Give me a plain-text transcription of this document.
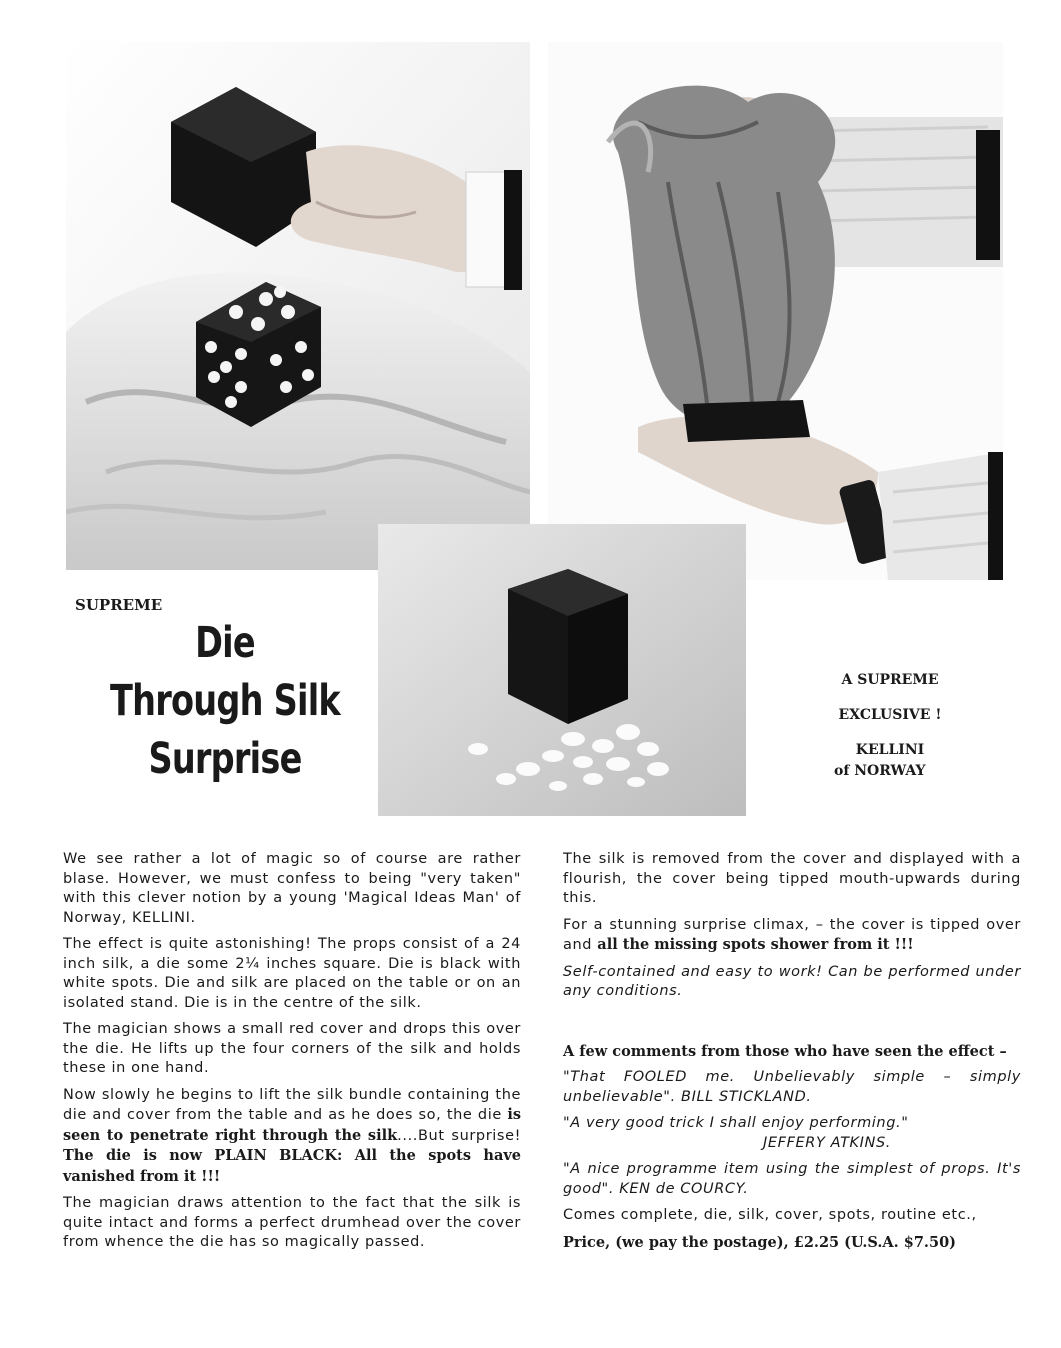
SUPREME
Die
Through Silk
Surprise
A SUPREME
EXCLUSIVE !
KELLINI
of NORWAY

We see rather a lot of magic so of course are rather blase. However, we must confess to being "very taken" with this clever notion by a young 'Magical Ideas Man' of Norway, KELLINI.

The effect is quite astonishing! The props consist of a 24 inch silk, a die some 2¼ inches square. Die is black with white spots. Die and silk are placed on the table or on an isolated stand. Die is in the centre of the silk.

The magician shows a small red cover and drops this over the die. He lifts up the four corners of the silk and holds these in one hand.

Now slowly he begins to lift the silk bundle containing the die and cover from the table and as he does so, the die is seen to penetrate right through the silk....But surprise! The die is now PLAIN BLACK: All the spots have vanished from it !!!

The magician draws attention to the fact that the silk is quite intact and forms a perfect drumhead over the cover from whence the die has so magically passed.

The silk is removed from the cover and displayed with a flourish, the cover being tipped mouth-upwards during this.

For a stunning surprise climax, – the cover is tipped over and all the missing spots shower from it !!!

Self-contained and easy to work! Can be performed under any conditions.

A few comments from those who have seen the effect –

"That FOOLED me. Unbelievably simple – simply unbelievable". BILL STICKLAND.

"A very good trick I shall enjoy performing."
JEFFERY ATKINS.

"A nice programme item using the simplest of props. It's good". KEN de COURCY.

Comes complete, die, silk, cover, spots, routine etc.,

Price, (we pay the postage), £2.25 (U.S.A. $7.50)
